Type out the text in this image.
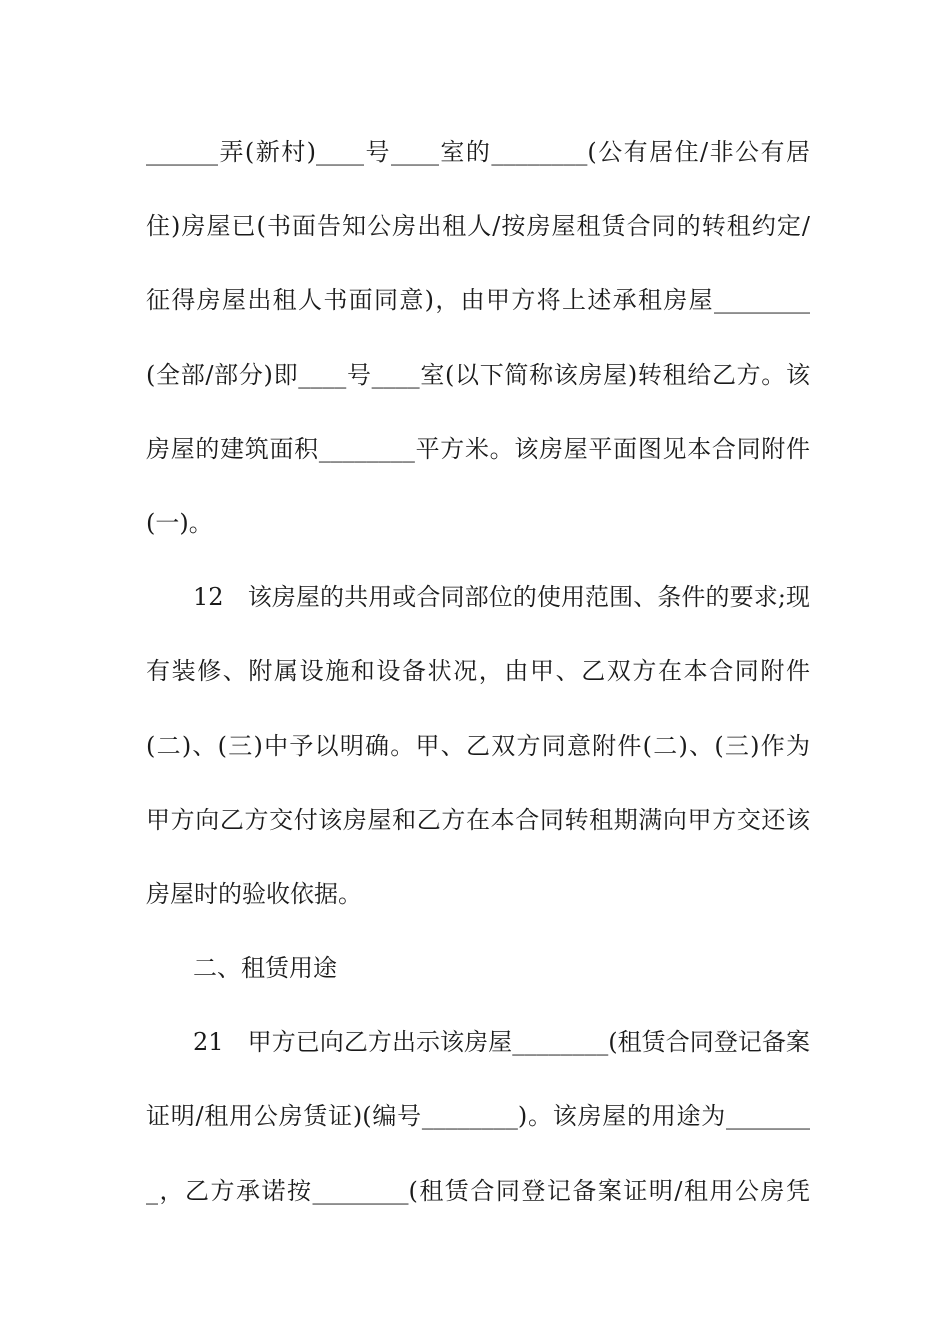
______弄(新村)____号____室的________(公有居住/非公有居
住)房屋已(书面告知公房出租人/按房屋租赁合同的转租约定/
征得房屋出租人书面同意)，由甲方将上述承租房屋________
(全部/部分)即____号____室(以下简称该房屋)转租给乙方。该
房屋的建筑面积________平方米。该房屋平面图见本合同附件
(一)。
12　该房屋的共用或合同部位的使用范围、条件的要求;现
有装修、附属设施和设备状况，由甲、乙双方在本合同附件
(二)、(三)中予以明确。甲、乙双方同意附件(二)、(三)作为
甲方向乙方交付该房屋和乙方在本合同转租期满向甲方交还该
房屋时的验收依据。
二、租赁用途
21　甲方已向乙方出示该房屋________(租赁合同登记备案
证明/租用公房赁证)(编号________)。该房屋的用途为_______
_，乙方承诺按________(租赁合同登记备案证明/租用公房凭
